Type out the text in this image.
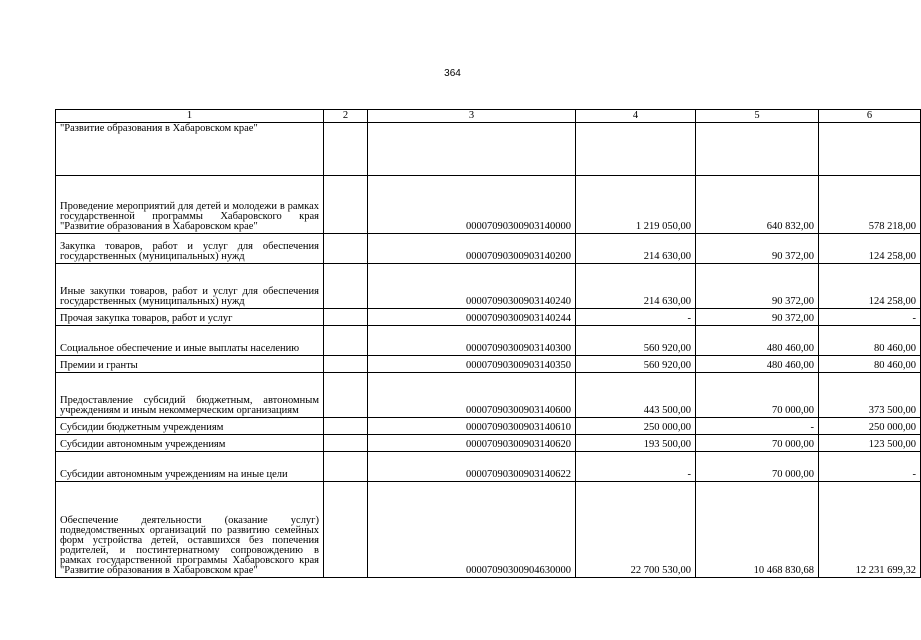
364
1	2	3	4	5	6
"Развитие образования в Хабаровском крае"					
Проведение мероприятий для детей и молодежи в рамках государственной программы Хабаровского края "Развитие образования в Хабаровском крае"		00007090300903140000	1 219 050,00	640 832,00	578 218,00
Закупка товаров, работ и услуг для обеспечения государственных (муниципальных) нужд		00007090300903140200	214 630,00	90 372,00	124 258,00
Иные закупки товаров, работ и услуг для обеспечения государственных (муниципальных) нужд		00007090300903140240	214 630,00	90 372,00	124 258,00
Прочая закупка товаров, работ и услуг		00007090300903140244	-	90 372,00	-
Социальное обеспечение и иные выплаты населению		00007090300903140300	560 920,00	480 460,00	80 460,00
Премии и гранты		00007090300903140350	560 920,00	480 460,00	80 460,00
Предоставление субсидий бюджетным, автономным учреждениям и иным некоммерческим организациям		00007090300903140600	443 500,00	70 000,00	373 500,00
Субсидии бюджетным учреждениям		00007090300903140610	250 000,00	-	250 000,00
Субсидии автономным учреждениям		00007090300903140620	193 500,00	70 000,00	123 500,00
Субсидии автономным учреждениям на иные цели		00007090300903140622	-	70 000,00	-
Обеспечение деятельности (оказание услуг) подведомственных организаций по развитию семейных форм устройства детей, оставшихся без попечения родителей, и постинтернатному сопровождению в рамках государственной программы Хабаровского края "Развитие образования в Хабаровском крае"		00007090300904630000	22 700 530,00	10 468 830,68	12 231 699,32
